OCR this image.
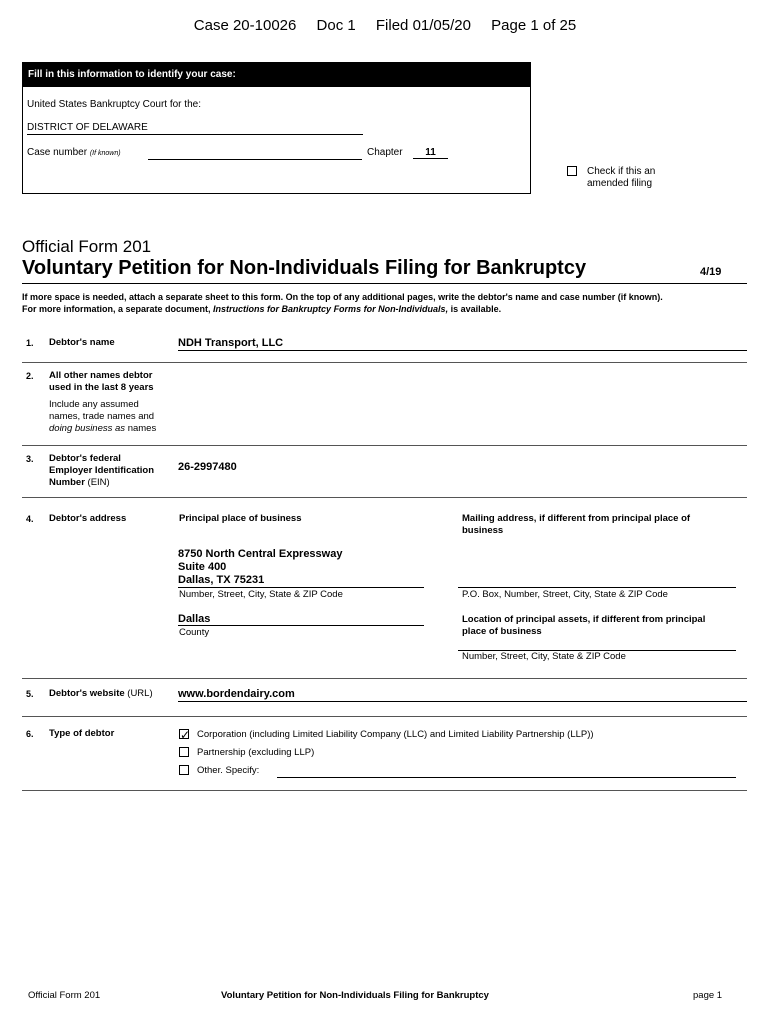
Case 20-10026 Doc 1 Filed 01/05/20 Page 1 of 25
Fill in this information to identify your case:
United States Bankruptcy Court for the:
DISTRICT OF DELAWARE
Case number (If known)	Chapter	11
Check if this an
amended filing
Official Form 201
Voluntary Petition for Non-Individuals Filing for Bankruptcy	4/19
If more space is needed, attach a separate sheet to this form. On the top of any additional pages, write the debtor's name and case number (if known).
For more information, a separate document, Instructions for Bankruptcy Forms for Non-Individuals, is available.
1. Debtor's name	NDH Transport, LLC
2. All other names debtor
used in the last 8 years
Include any assumed
names, trade names and
doing business as names
3. Debtor's federal
Employer Identification
Number (EIN)
26-2997480
4. Debtor's address	Principal place of business	Mailing address, if different from principal place of
business
8750 North Central Expressway
Suite 400
Dallas, TX 75231
Number, Street, City, State & ZIP Code	P.O. Box, Number, Street, City, State & ZIP Code
Dallas
County
Location of principal assets, if different from principal
place of business
Number, Street, City, State & ZIP Code
5. Debtor's website (URL) www.bordendairy.com
6. Type of debtor	✓ Corporation (including Limited Liability Company (LLC) and Limited Liability Partnership (LLP))
Partnership (excluding LLP)
Other. Specify:
Official Form 201	Voluntary Petition for Non-Individuals Filing for Bankruptcy	page 1
